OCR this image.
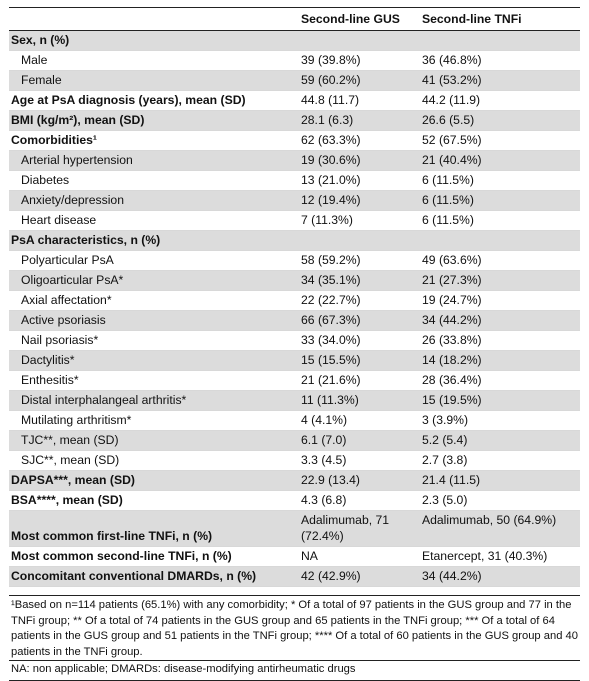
	Second-line GUS	Second-line TNFi
Sex, n (%)		
Male	39 (39.8%)	36 (46.8%)
Female	59 (60.2%)	41 (53.2%)
Age at PsA diagnosis (years), mean (SD)	44.8 (11.7)	44.2 (11.9)
BMI (kg/m²), mean (SD)	28.1 (6.3)	26.6 (5.5)
Comorbidities¹	62 (63.3%)	52 (67.5%)
Arterial hypertension	19 (30.6%)	21 (40.4%)
Diabetes	13 (21.0%)	6 (11.5%)
Anxiety/depression	12 (19.4%)	6 (11.5%)
Heart disease	7 (11.3%)	6 (11.5%)
PsA characteristics, n (%)		
Polyarticular PsA	58 (59.2%)	49 (63.6%)
Oligoarticular PsA*	34 (35.1%)	21 (27.3%)
Axial affectation*	22 (22.7%)	19 (24.7%)
Active psoriasis	66 (67.3%)	34 (44.2%)
Nail psoriasis*	33 (34.0%)	26 (33.8%)
Dactylitis*	15 (15.5%)	14 (18.2%)
Enthesitis*	21 (21.6%)	28 (36.4%)
Distal interphalangeal arthritis*	11 (11.3%)	15 (19.5%)
Mutilating arthritism*	4 (4.1%)	3 (3.9%)
TJC**, mean (SD)	6.1 (7.0)	5.2 (5.4)
SJC**, mean (SD)	3.3 (4.5)	2.7 (3.8)
DAPSA***, mean (SD)	22.9 (13.4)	21.4 (11.5)
BSA****, mean (SD)	4.3 (6.8)	2.3 (5.0)
Most common first-line TNFi, n (%)	Adalimumab, 71 (72.4%)	Adalimumab, 50 (64.9%)
Most common second-line TNFi, n (%)	NA	Etanercept, 31 (40.3%)
Concomitant conventional DMARDs, n (%)	42 (42.9%)	34 (44.2%)
¹Based on n=114 patients (65.1%) with any comorbidity; * Of a total of 97 patients in the GUS group and 77 in the TNFi group; ** Of a total of 74 patients in the GUS group and 65 patients in the TNFi group; *** Of a total of 64 patients in the GUS group and 51 patients in the TNFi group; **** Of a total of 60 patients in the GUS group and 40 patients in the TNFi group.
NA: non applicable; DMARDs: disease-modifying antirheumatic drugs
